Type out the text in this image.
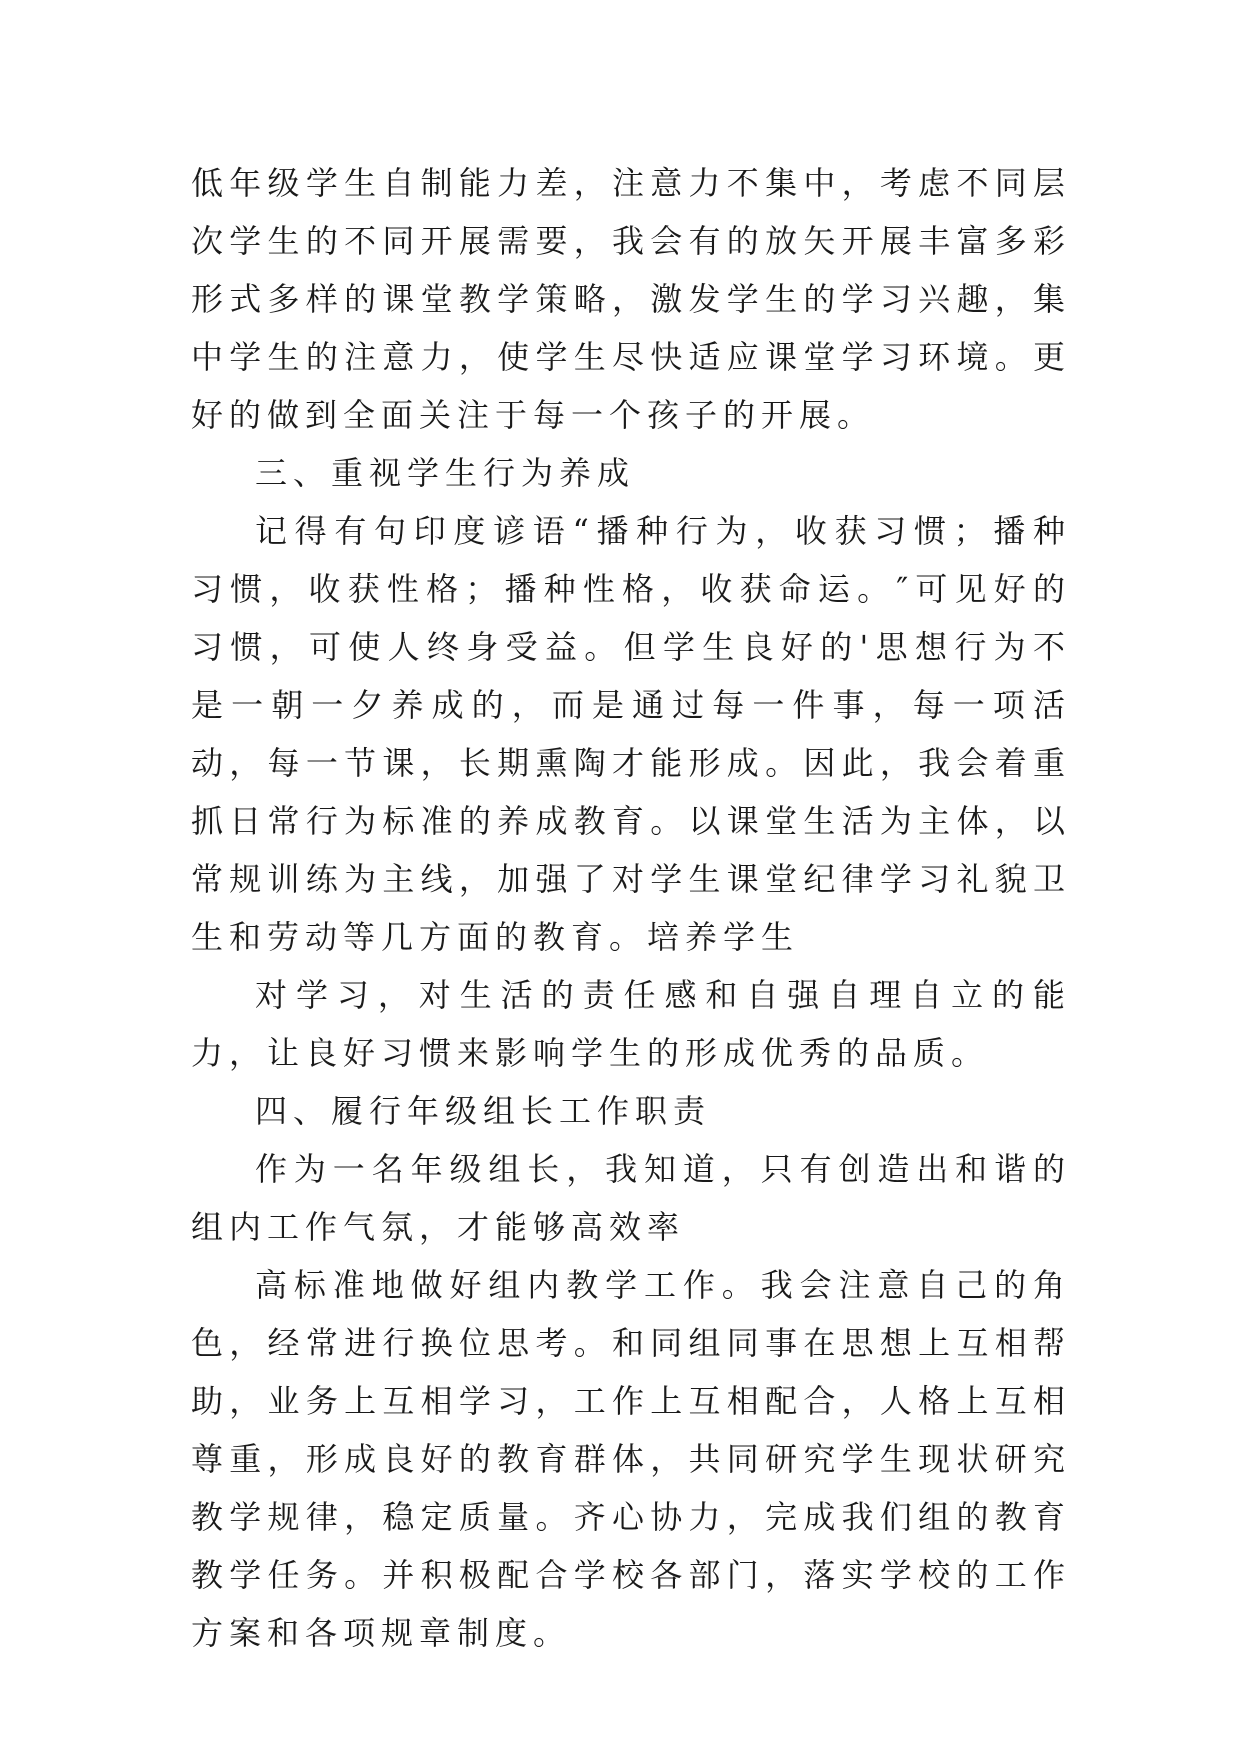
低年级学生自制能力差，注意力不集中，考虑不同层次学生的不同开展需要，我会有的放矢开展丰富多彩形式多样的课堂教学策略，激发学生的学习兴趣，集中学生的注意力，使学生尽快适应课堂学习环境。更好的做到全面关注于每一个孩子的开展。

三、重视学生行为养成

记得有句印度谚语“播种行为，收获习惯；播种习惯，收获性格；播种性格，收获命运。″可见好的习惯，可使人终身受益。但学生良好的'思想行为不是一朝一夕养成的，而是通过每一件事，每一项活动，每一节课，长期熏陶才能形成。因此，我会着重抓日常行为标准的养成教育。以课堂生活为主体，以常规训练为主线，加强了对学生课堂纪律学习礼貌卫生和劳动等几方面的教育。培养学生

对学习，对生活的责任感和自强自理自立的能力，让良好习惯来影响学生的形成优秀的品质。

四、履行年级组长工作职责

作为一名年级组长，我知道，只有创造出和谐的组内工作气氛，才能够高效率

高标准地做好组内教学工作。我会注意自己的角色，经常进行换位思考。和同组同事在思想上互相帮助，业务上互相学习，工作上互相配合，人格上互相尊重，形成良好的教育群体，共同研究学生现状研究教学规律，稳定质量。齐心协力，完成我们组的教育教学任务。并积极配合学校各部门，落实学校的工作方案和各项规章制度。
